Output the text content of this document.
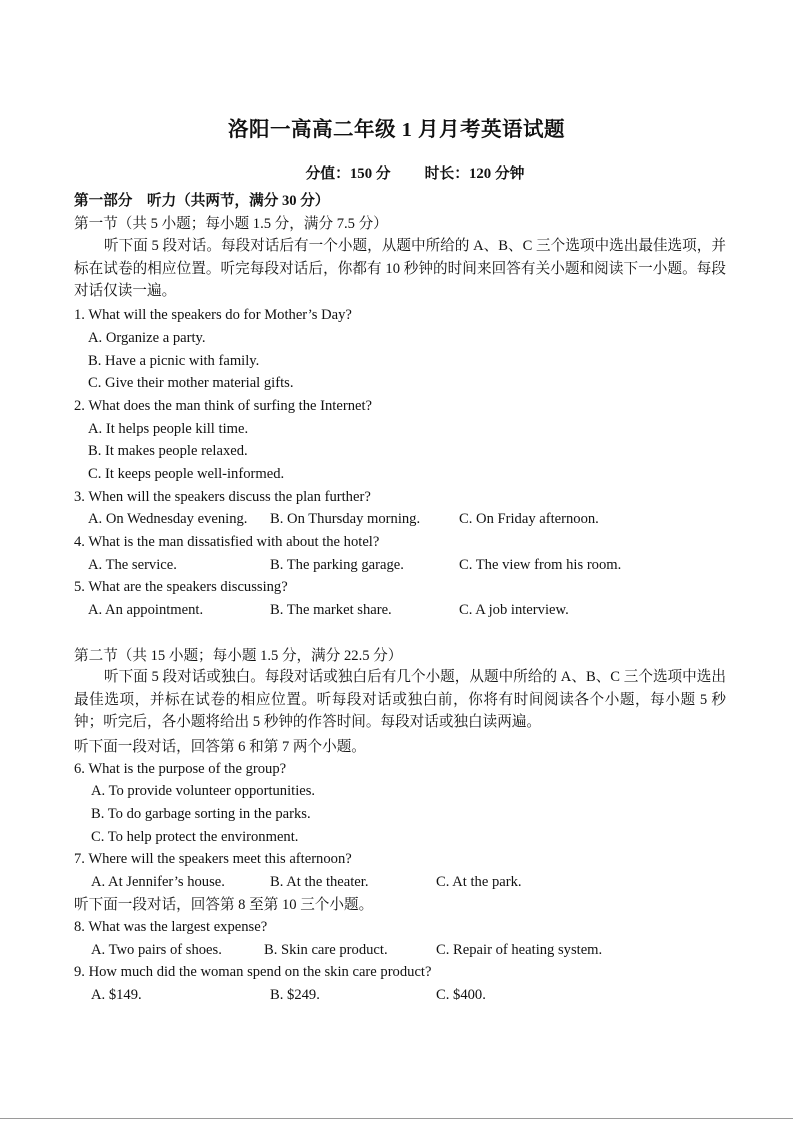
洛阳一高高二年级 1 月月考英语试题
分值：150 分 时长：120 分钟
第一部分　听力（共两节，满分 30 分）
第一节（共 5 小题；每小题 1.5 分，满分 7.5 分）
听下面 5 段对话。每段对话后有一个小题，从题中所给的 A、B、C 三个选项中选出最佳选项，并标在试卷的相应位置。听完每段对话后，你都有 10 秒钟的时间来回答有关小题和阅读下一小题。每段对话仅读一遍。
1. What will the speakers do for Mother’s Day?
A. Organize a party.
B. Have a picnic with family.
C. Give their mother material gifts.
2. What does the man think of surfing the Internet?
A. It helps people kill time.
B. It makes people relaxed.
C. It keeps people well-informed.
3. When will the speakers discuss the plan further?
A. On Wednesday evening. B. On Thursday morning.	C. On Friday afternoon.
4. What is the man dissatisfied with about the hotel?
A. The service.	B. The parking garage.	C. The view from his room.
5. What are the speakers discussing?
A. An appointment.	B. The market share.	C. A job interview.
第二节（共 15 小题；每小题 1.5 分，满分 22.5 分）
听下面 5 段对话或独白。每段对话或独白后有几个小题，从题中所给的 A、B、C 三个选项中选出最佳选项，并标在试卷的相应位置。听每段对话或独白前，你将有时间阅读各个小题，每小题 5 秒钟；听完后，各小题将给出 5 秒钟的作答时间。每段对话或独白读两遍。
听下面一段对话，回答第 6 和第 7 两个小题。
6. What is the purpose of the group?
A. To provide volunteer opportunities.
B. To do garbage sorting in the parks.
C. To help protect the environment.
7. Where will the speakers meet this afternoon?
A. At Jennifer’s house.	B. At the theater.	C. At the park.
听下面一段对话，回答第 8 至第 10 三个小题。
8. What was the largest expense?
A. Two pairs of shoes.	B. Skin care product.	C. Repair of heating system.
9. How much did the woman spend on the skin care product?
A. $149.	B. $249.	C. $400.
